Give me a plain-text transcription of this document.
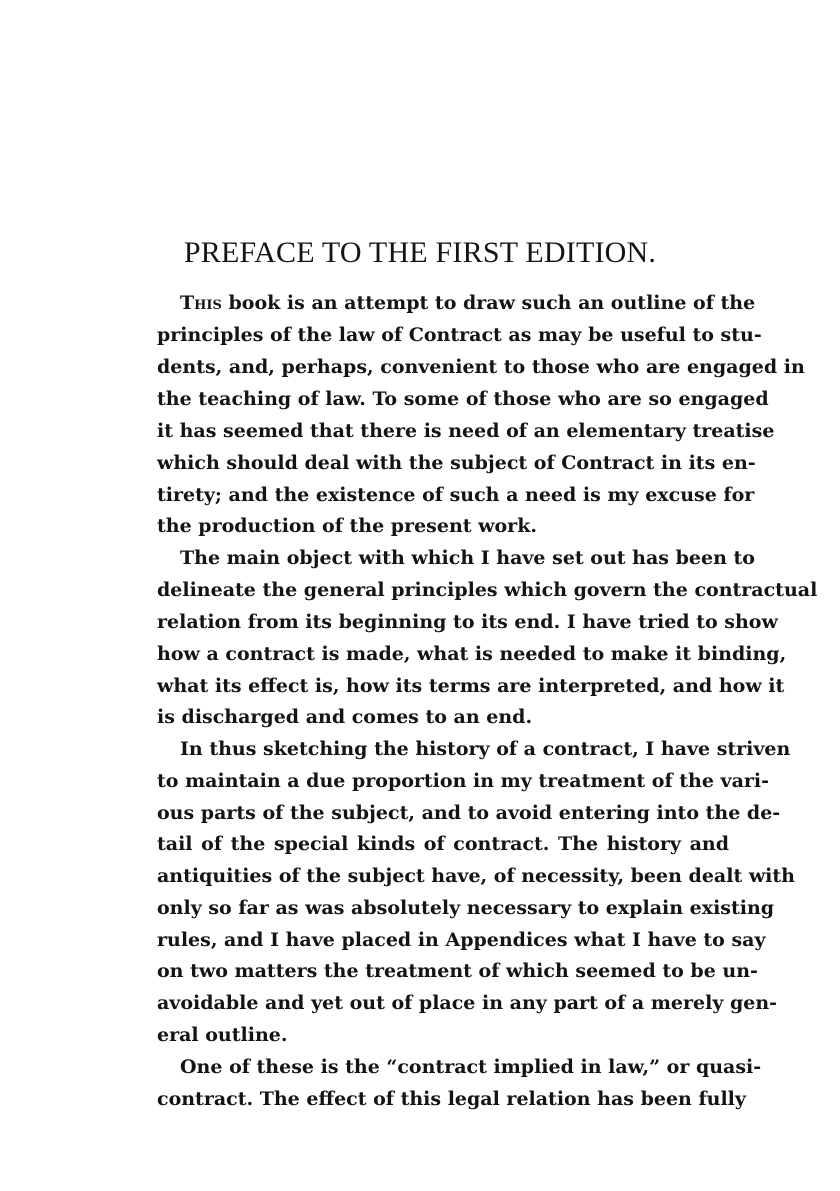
PREFACE TO THE FIRST EDITION.
This book is an attempt to draw such an outline of the
principles of the law of Contract as may be useful to stu-
dents, and, perhaps, convenient to those who are engaged in
the teaching of law. To some of those who are so engaged
it has seemed that there is need of an elementary treatise
which should deal with the subject of Contract in its en-
tirety; and the existence of such a need is my excuse for
the production of the present work.
The main object with which I have set out has been to
delineate the general principles which govern the contractual
relation from its beginning to its end. I have tried to show
how a contract is made, what is needed to make it binding,
what its effect is, how its terms are interpreted, and how it
is discharged and comes to an end.
In thus sketching the history of a contract, I have striven
to maintain a due proportion in my treatment of the vari-
ous parts of the subject, and to avoid entering into the de-
tail of the special kinds of contract. The history and
antiquities of the subject have, of necessity, been dealt with
only so far as was absolutely necessary to explain existing
rules, and I have placed in Appendices what I have to say
on two matters the treatment of which seemed to be un-
avoidable and yet out of place in any part of a merely gen-
eral outline.
One of these is the “contract implied in law,” or quasi-
contract. The effect of this legal relation has been fully
